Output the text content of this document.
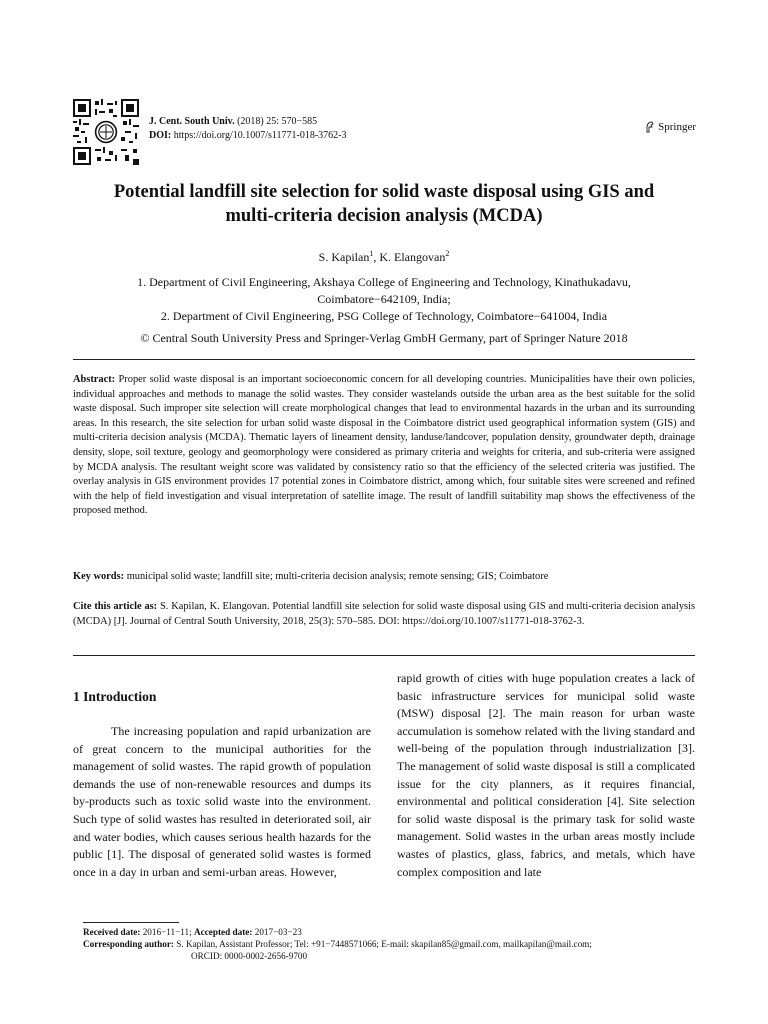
J. Cent. South Univ. (2018) 25: 570−585
DOI: https://doi.org/10.1007/s11771-018-3762-3
Springer
Potential landfill site selection for solid waste disposal using GIS and
multi-criteria decision analysis (MCDA)
S. Kapilan$^1$, K. Elangovan$^2$
1. Department of Civil Engineering, Akshaya College of Engineering and Technology, Kinathukadavu,
Coimbatore−642109, India;
2. Department of Civil Engineering, PSG College of Technology, Coimbatore−641004, India
© Central South University Press and Springer-Verlag GmbH Germany, part of Springer Nature 2018
Abstract: Proper solid waste disposal is an important socioeconomic concern for all developing countries. Municipalities have their own policies, individual approaches and methods to manage the solid wastes. They consider wastelands outside the urban area as the best suitable for the solid waste disposal. Such improper site selection will create morphological changes that lead to environmental hazards in the urban and its surrounding areas. In this research, the site selection for urban solid waste disposal in the Coimbatore district used geographical information system (GIS) and multi-criteria decision analysis (MCDA). Thematic layers of lineament density, landuse/landcover, population density, groundwater depth, drainage density, slope, soil texture, geology and geomorphology were considered as primary criteria and weights for criteria, and sub-criteria were assigned by MCDA analysis. The resultant weight score was validated by consistency ratio so that the efficiency of the selected criteria was justified. The overlay analysis in GIS environment provides 17 potential zones in Coimbatore district, among which, four suitable sites were screened and refined with the help of field investigation and visual interpretation of satellite image. The result of landfill suitability map shows the effectiveness of the proposed method.
Key words: municipal solid waste; landfill site; multi-criteria decision analysis; remote sensing; GIS; Coimbatore
Cite this article as: S. Kapilan, K. Elangovan. Potential landfill site selection for solid waste disposal using GIS and multi-criteria decision analysis (MCDA) [J]. Journal of Central South University, 2018, 25(3): 570–585. DOI: https://doi.org/10.1007/s11771-018-3762-3.
1 Introduction
The increasing population and rapid urbanization are of great concern to the municipal authorities for the management of solid wastes. The rapid growth of population demands the use of non-renewable resources and dumps its by-products such as toxic solid waste into the environment. Such type of solid wastes has resulted in deteriorated soil, air and water bodies, which causes serious health hazards for the public [1]. The disposal of generated solid wastes is formed once in a day in urban and semi-urban areas. However,
rapid growth of cities with huge population creates a lack of basic infrastructure services for municipal solid waste (MSW) disposal [2]. The main reason for urban waste accumulation is somehow related with the living standard and well-being of the population through industrialization [3]. The management of solid waste disposal is still a complicated issue for the city planners, as it requires financial, environmental and political consideration [4]. Site selection for solid waste disposal is the primary task for solid waste management. Solid wastes in the urban areas mostly include wastes of plastics, glass, fabrics, and metals, which have complex composition and late
Received date: 2016−11−11; Accepted date: 2017−03−23
Corresponding author: S. Kapilan, Assistant Professor; Tel: +91−7448571066; E-mail: skapilan85@gmail.com, mailkapilan@mail.com;
ORCID: 0000-0002-2656-9700
